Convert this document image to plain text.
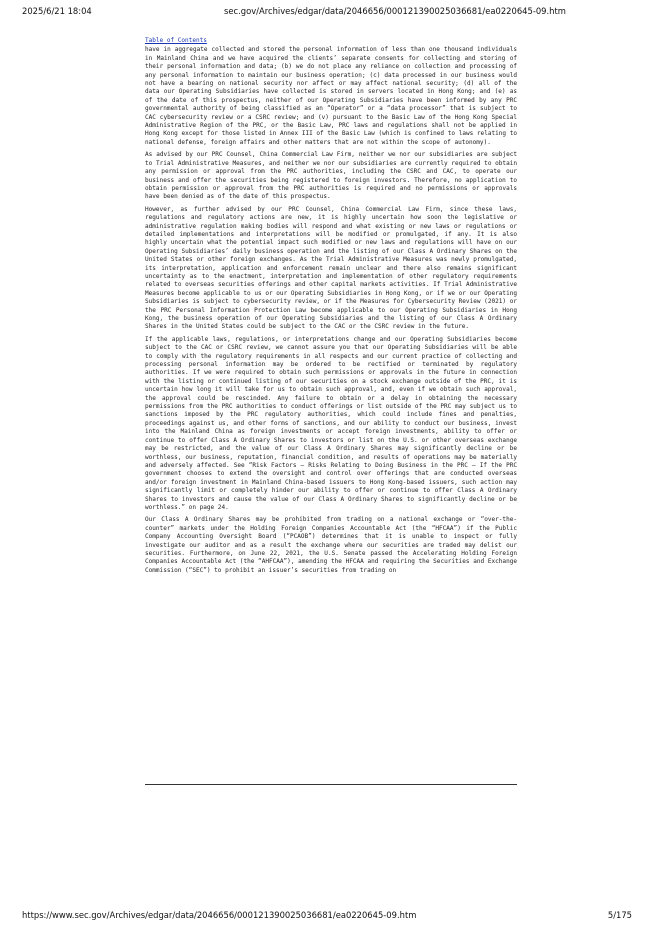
2025/6/21 18:04	sec.gov/Archives/edgar/data/2046656/000121390025036681/ea0220645-09.htm
Table of Contents

have in aggregate collected and stored the personal information of less than one thousand individuals in Mainland China and we have acquired the clients’ separate consents for collecting and storing of their personal information and data; (b) we do not place any reliance on collection and processing of any personal information to maintain our business operation; (c) data processed in our business would not have a bearing on national security nor affect or may affect national security; (d) all of the data our Operating Subsidiaries have collected is stored in servers located in Hong Kong; and (e) as of the date of this prospectus, neither of our Operating Subsidiaries have been informed by any PRC governmental authority of being classified as an “Operator” or a “data processor” that is subject to CAC cybersecurity review or a CSRC review; and (v) pursuant to the Basic Law of the Hong Kong Special Administrative Region of the PRC, or the Basic Law, PRC laws and regulations shall not be applied in Hong Kong except for those listed in Annex III of the Basic Law (which is confined to laws relating to national defense, foreign affairs and other matters that are not within the scope of autonomy).

As advised by our PRC Counsel, China Commercial Law Firm, neither we nor our subsidiaries are subject to Trial Administrative Measures, and neither we nor our subsidiaries are currently required to obtain any permission or approval from the PRC authorities, including the CSRC and CAC, to operate our business and offer the securities being registered to foreign investors. Therefore, no application to obtain permission or approval from the PRC authorities is required and no permissions or approvals have been denied as of the date of this prospectus.

However, as further advised by our PRC Counsel, China Commercial Law Firm, since these laws, regulations and regulatory actions are new, it is highly uncertain how soon the legislative or administrative regulation making bodies will respond and what existing or new laws or regulations or detailed implementations and interpretations will be modified or promulgated, if any. It is also highly uncertain what the potential impact such modified or new laws and regulations will have on our Operating Subsidiaries’ daily business operation and the listing of our Class A Ordinary Shares on the United States or other foreign exchanges. As the Trial Administrative Measures was newly promulgated, its interpretation, application and enforcement remain unclear and there also remains significant uncertainty as to the enactment, interpretation and implementation of other regulatory requirements related to overseas securities offerings and other capital markets activities. If Trial Administrative Measures become applicable to us or our Operating Subsidiaries in Hong Kong, or if we or our Operating Subsidiaries is subject to cybersecurity review, or if the Measures for Cybersecurity Review (2021) or the PRC Personal Information Protection Law become applicable to our Operating Subsidiaries in Hong Kong, the business operation of our Operating Subsidiaries and the listing of our Class A Ordinary Shares in the United States could be subject to the CAC or the CSRC review in the future.

If the applicable laws, regulations, or interpretations change and our Operating Subsidiaries become subject to the CAC or CSRC review, we cannot assure you that our Operating Subsidiaries will be able to comply with the regulatory requirements in all respects and our current practice of collecting and processing personal information may be ordered to be rectified or terminated by regulatory authorities. If we were required to obtain such permissions or approvals in the future in connection with the listing or continued listing of our securities on a stock exchange outside of the PRC, it is uncertain how long it will take for us to obtain such approval, and, even if we obtain such approval, the approval could be rescinded. Any failure to obtain or a delay in obtaining the necessary permissions from the PRC authorities to conduct offerings or list outside of the PRC may subject us to sanctions imposed by the PRC regulatory authorities, which could include fines and penalties, proceedings against us, and other forms of sanctions, and our ability to conduct our business, invest into the Mainland China as foreign investments or accept foreign investments, ability to offer or continue to offer Class A Ordinary Shares to investors or list on the U.S. or other overseas exchange may be restricted, and the value of our Class A Ordinary Shares may significantly decline or be worthless, our business, reputation, financial condition, and results of operations may be materially and adversely affected. See “Risk Factors — Risks Relating to Doing Business in the PRC — If the PRC government chooses to extend the oversight and control over offerings that are conducted overseas and/or foreign investment in Mainland China-based issuers to Hong Kong-based issuers, such action may significantly limit or completely hinder our ability to offer or continue to offer Class A Ordinary Shares to investors and cause the value of our Class A Ordinary Shares to significantly decline or be worthless.” on page 24.

Our Class A Ordinary Shares may be prohibited from trading on a national exchange or “over-the-counter” markets under the Holding Foreign Companies Accountable Act (the “HFCAA”) if the Public Company Accounting Oversight Board (“PCAOB”) determines that it is unable to inspect or fully investigate our auditor and as a result the exchange where our securities are traded may delist our securities. Furthermore, on June 22, 2021, the U.S. Senate passed the Accelerating Holding Foreign Companies Accountable Act (the “AHFCAA”), amending the HFCAA and requiring the Securities and Exchange Commission (“SEC”) to prohibit an issuer’s securities from trading on

https://www.sec.gov/Archives/edgar/data/2046656/000121390025036681/ea0220645-09.htm	5/175
